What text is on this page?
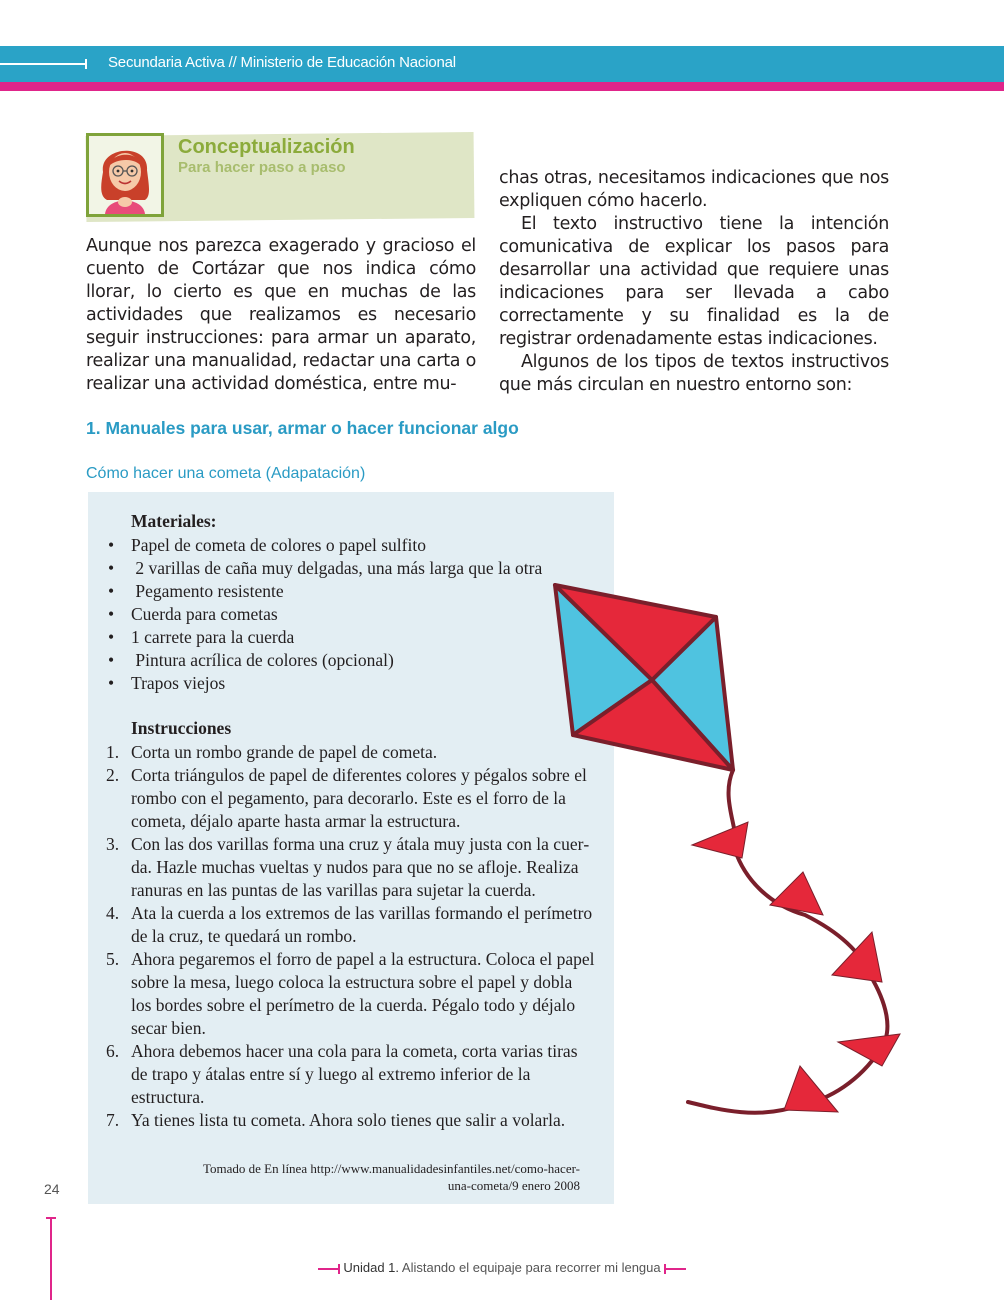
Secundaria Activa // Ministerio de Educación Nacional
Conceptualización
Para hacer paso a paso

Aunque nos parezca exagerado y gracioso el cuento de Cortázar que nos indica cómo llorar, lo cierto es que en muchas de las actividades que realizamos es necesario seguir instrucciones: para armar un aparato, realizar una manualidad, redactar una carta o realizar una actividad doméstica, entre mu-

chas otras, necesitamos indicaciones que nos expliquen cómo hacerlo.

El texto instructivo tiene la intención comunicativa de explicar los pasos para desarrollar una actividad que requiere unas indicaciones para ser llevada a cabo correctamente y su finalidad es la de registrar ordenadamente estas indicaciones.

Algunos de los tipos de textos instructivos que más circulan en nuestro entorno son:

1. Manuales para usar, armar o hacer funcionar algo
Cómo hacer una cometa (Adapatación)
Materiales:
• Papel de cometa de colores o papel sulfito
• 2 varillas de caña muy delgadas, una más larga que la otra
• Pegamento resistente
• Cuerda para cometas
• 1 carrete para la cuerda
• Pintura acrílica de colores (opcional)
• Trapos viejos
Instrucciones
1. Corta un rombo grande de papel de cometa.
2. Corta triángulos de papel de diferentes colores y pégalos sobre el rombo con el pegamento, para decorarlo. Este es el forro de la cometa, déjalo aparte hasta armar la estructura.
3. Con las dos varillas forma una cruz y átala muy justa con la cuerda. Hazle muchas vueltas y nudos para que no se afloje. Realiza ranuras en las puntas de las varillas para sujetar la cuerda.
4. Ata la cuerda a los extremos de las varillas formando el perímetro de la cruz, te quedará un rombo.
5. Ahora pegaremos el forro de papel a la estructura. Coloca el papel sobre la mesa, luego coloca la estructura sobre el papel y dobla los bordes sobre el perímetro de la cuerda. Pégalo todo y déjalo secar bien.
6. Ahora debemos hacer una cola para la cometa, corta varias tiras de trapo y átalas entre sí y luego al extremo inferior de la estructura.
7. Ya tienes lista tu cometa. Ahora solo tienes que salir a volarla.
Tomado de En línea http://www.manualidadesinfantiles.net/como-hacer-
una-cometa/9 enero 2008
24
Unidad 1. Alistando el equipaje para recorrer mi lengua
